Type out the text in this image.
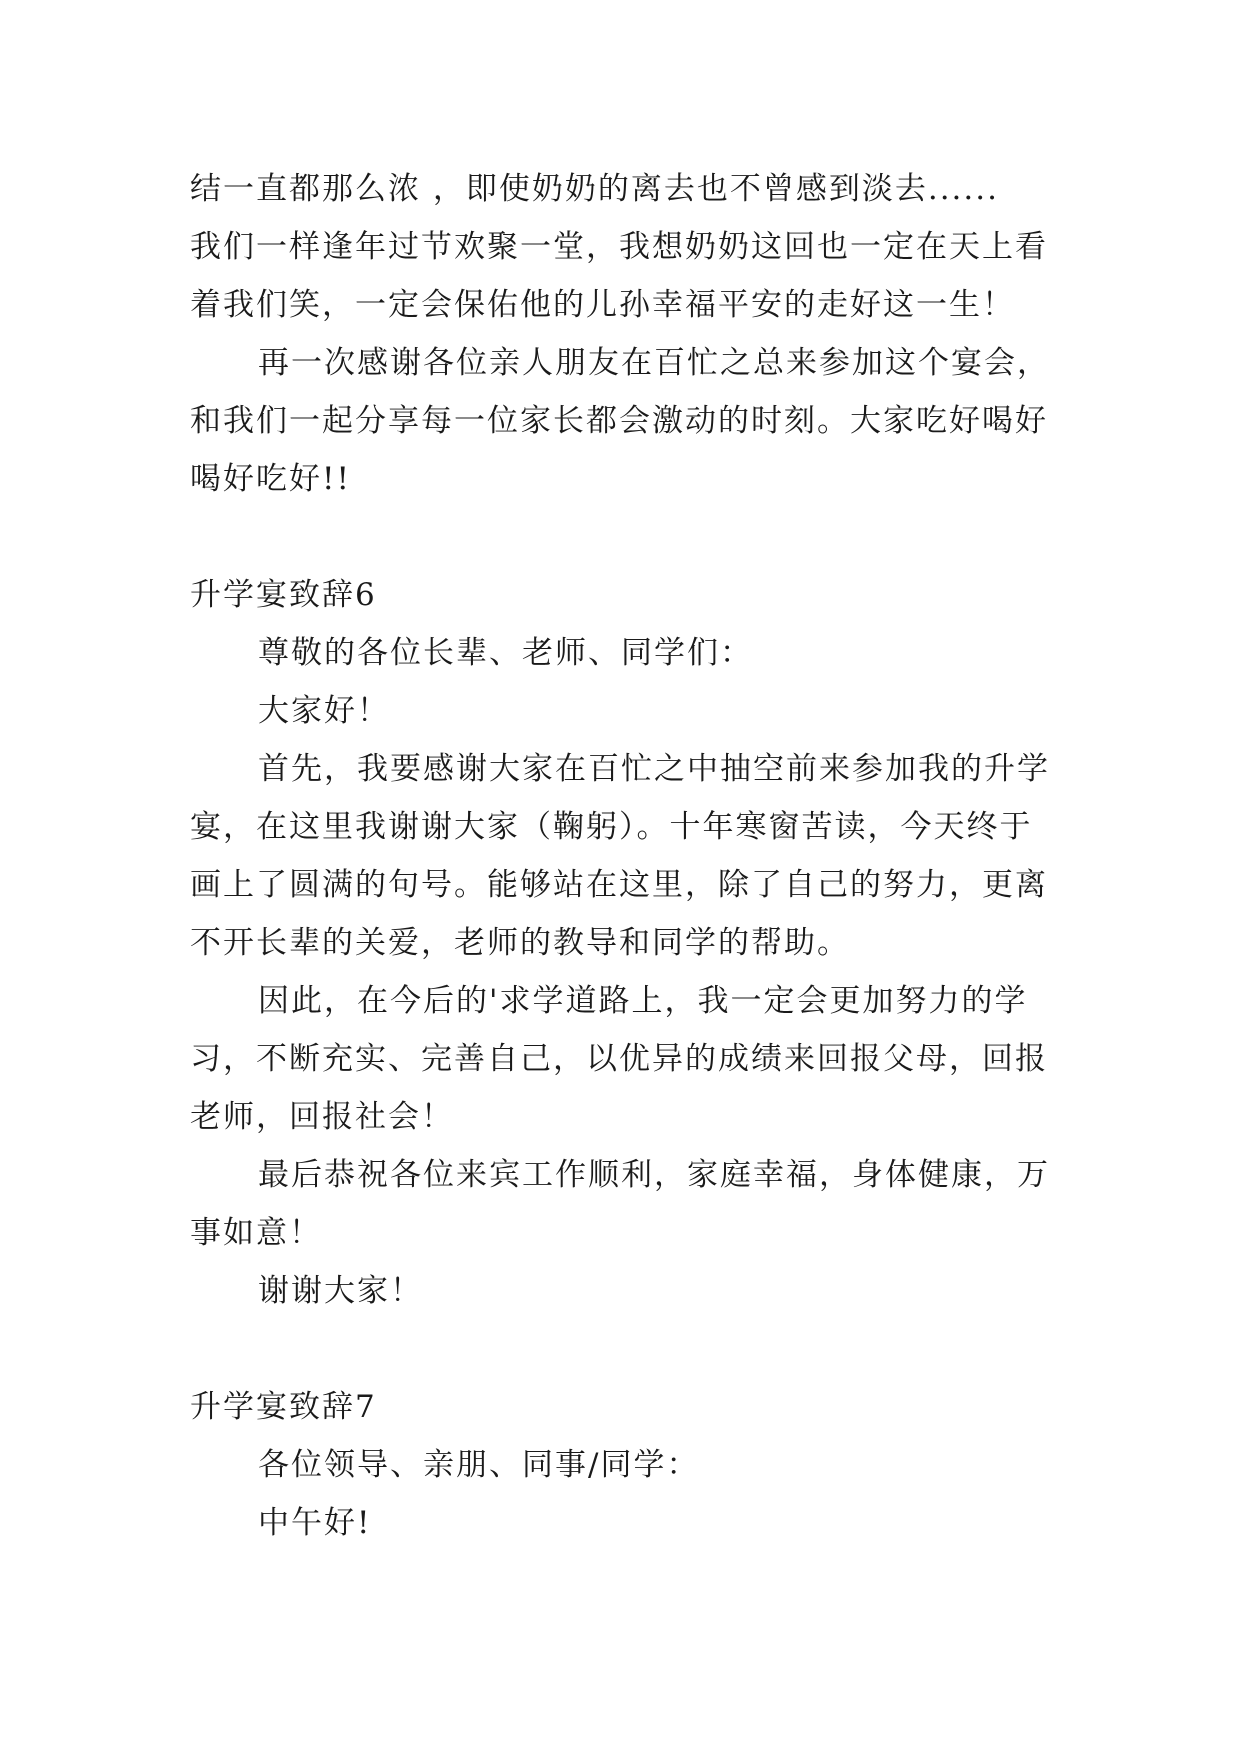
结一直都那么浓 ，即使奶奶的离去也不曾感到淡去......
我们一样逢年过节欢聚一堂，我想奶奶这回也一定在天上看
着我们笑，一定会保佑他的儿孙幸福平安的走好这一生！
再一次感谢各位亲人朋友在百忙之总来参加这个宴会，
和我们一起分享每一位家长都会激动的时刻。大家吃好喝好
喝好吃好!!
升学宴致辞6
尊敬的各位长辈、老师、同学们：
大家好！
首先，我要感谢大家在百忙之中抽空前来参加我的升学
宴，在这里我谢谢大家（鞠躬）。十年寒窗苦读，今天终于
画上了圆满的句号。能够站在这里，除了自己的努力，更离
不开长辈的关爱，老师的教导和同学的帮助。
因此，在今后的'求学道路上，我一定会更加努力的学
习，不断充实、完善自己，以优异的成绩来回报父母，回报
老师，回报社会！
最后恭祝各位来宾工作顺利，家庭幸福，身体健康，万
事如意！
谢谢大家！
升学宴致辞7
各位领导、亲朋、同事/同学：
中午好!
